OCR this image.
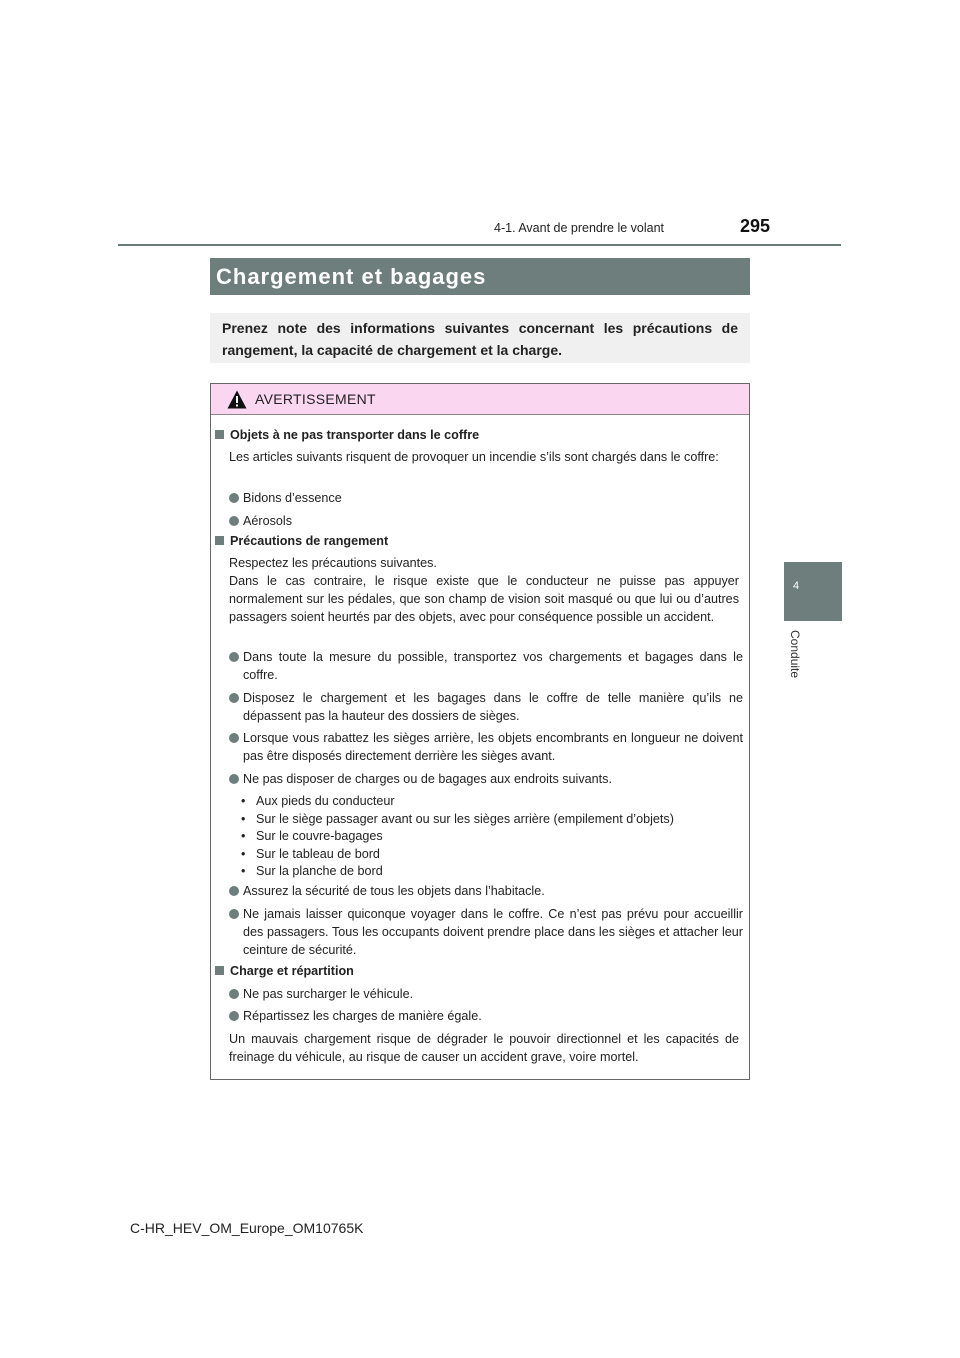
4-1. Avant de prendre le volant	295
4
Conduite
Chargement et bagages
Prenez note des informations suivantes concernant les précautions de rangement, la capacité de chargement et la charge.
AVERTISSEMENT
Objets à ne pas transporter dans le coffre
Les articles suivants risquent de provoquer un incendie s’ils sont chargés dans le coffre:
Bidons d’essence
Aérosols
Précautions de rangement
Respectez les précautions suivantes.
Dans le cas contraire, le risque existe que le conducteur ne puisse pas appuyer normalement sur les pédales, que son champ de vision soit masqué ou que lui ou d’autres passagers soient heurtés par des objets, avec pour conséquence possible un accident.
Dans toute la mesure du possible, transportez vos chargements et bagages dans le coffre.
Disposez le chargement et les bagages dans le coffre de telle manière qu’ils ne dépassent pas la hauteur des dossiers de sièges.
Lorsque vous rabattez les sièges arrière, les objets encombrants en longueur ne doivent pas être disposés directement derrière les sièges avant.
Ne pas disposer de charges ou de bagages aux endroits suivants.
• Aux pieds du conducteur
• Sur le siège passager avant ou sur les sièges arrière (empilement d’objets)
• Sur le couvre-bagages
• Sur le tableau de bord
• Sur la planche de bord
Assurez la sécurité de tous les objets dans l’habitacle.
Ne jamais laisser quiconque voyager dans le coffre. Ce n’est pas prévu pour accueillir des passagers. Tous les occupants doivent prendre place dans les sièges et attacher leur ceinture de sécurité.
Charge et répartition
Ne pas surcharger le véhicule.
Répartissez les charges de manière égale.
Un mauvais chargement risque de dégrader le pouvoir directionnel et les capacités de freinage du véhicule, au risque de causer un accident grave, voire mortel.
C-HR_HEV_OM_Europe_OM10765K
